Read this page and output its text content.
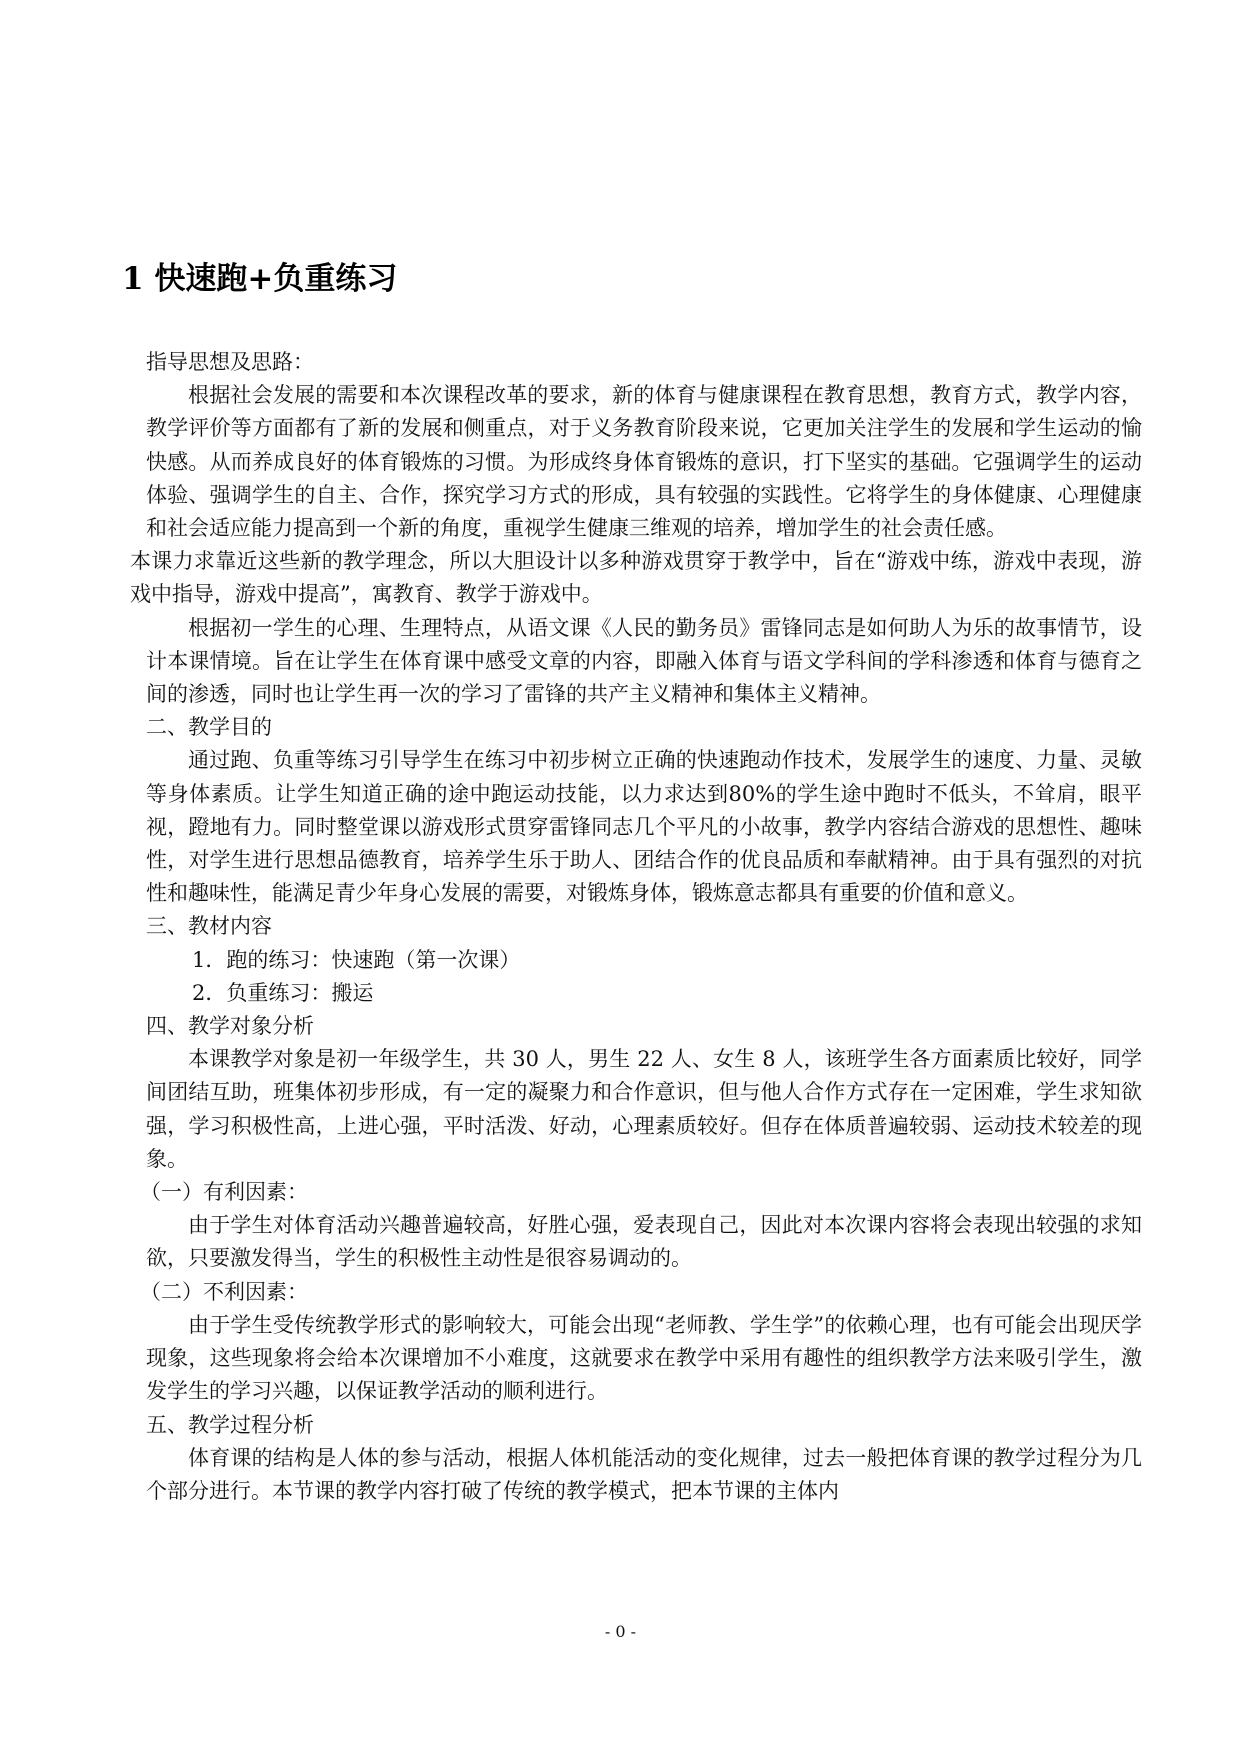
1 快速跑+负重练习

指导思想及思路：

根据社会发展的需要和本次课程改革的要求，新的体育与健康课程在教育思想，教育方式，教学内容，教学评价等方面都有了新的发展和侧重点，对于义务教育阶段来说，它更加关注学生的发展和学生运动的愉快感。从而养成良好的体育锻炼的习惯。为形成终身体育锻炼的意识，打下坚实的基础。它强调学生的运动体验、强调学生的自主、合作，探究学习方式的形成，具有较强的实践性。它将学生的身体健康、心理健康和社会适应能力提高到一个新的角度，重视学生健康三维观的培养，增加学生的社会责任感。

本课力求靠近这些新的教学理念，所以大胆设计以多种游戏贯穿于教学中，旨在“游戏中练，游戏中表现，游戏中指导，游戏中提高”，寓教育、教学于游戏中。

根据初一学生的心理、生理特点，从语文课《人民的勤务员》雷锋同志是如何助人为乐的故事情节，设计本课情境。旨在让学生在体育课中感受文章的内容，即融入体育与语文学科间的学科渗透和体育与德育之间的渗透，同时也让学生再一次的学习了雷锋的共产主义精神和集体主义精神。

二、教学目的

通过跑、负重等练习引导学生在练习中初步树立正确的快速跑动作技术，发展学生的速度、力量、灵敏等身体素质。让学生知道正确的途中跑运动技能，以力求达到80%的学生途中跑时不低头，不耸肩，眼平视，蹬地有力。同时整堂课以游戏形式贯穿雷锋同志几个平凡的小故事，教学内容结合游戏的思想性、趣味性，对学生进行思想品德教育，培养学生乐于助人、团结合作的优良品质和奉献精神。由于具有强烈的对抗性和趣味性，能满足青少年身心发展的需要，对锻炼身体，锻炼意志都具有重要的价值和意义。

三、教材内容

1．跑的练习：快速跑（第一次课）

2．负重练习：搬运

四、教学对象分析

本课教学对象是初一年级学生，共 30 人，男生 22 人、女生 8 人，该班学生各方面素质比较好，同学间团结互助，班集体初步形成，有一定的凝聚力和合作意识，但与他人合作方式存在一定困难，学生求知欲强，学习积极性高，上进心强，平时活泼、好动，心理素质较好。但存在体质普遍较弱、运动技术较差的现象。

（一）有利因素：

由于学生对体育活动兴趣普遍较高，好胜心强，爱表现自己，因此对本次课内容将会表现出较强的求知欲，只要激发得当，学生的积极性主动性是很容易调动的。

（二）不利因素：

由于学生受传统教学形式的影响较大，可能会出现“老师教、学生学”的依赖心理，也有可能会出现厌学现象，这些现象将会给本次课增加不小难度，这就要求在教学中采用有趣性的组织教学方法来吸引学生，激发学生的学习兴趣，以保证教学活动的顺利进行。

五、教学过程分析

体育课的结构是人体的参与活动，根据人体机能活动的变化规律，过去一般把体育课的教学过程分为几个部分进行。本节课的教学内容打破了传统的教学模式，把本节课的主体内

- 0 -
